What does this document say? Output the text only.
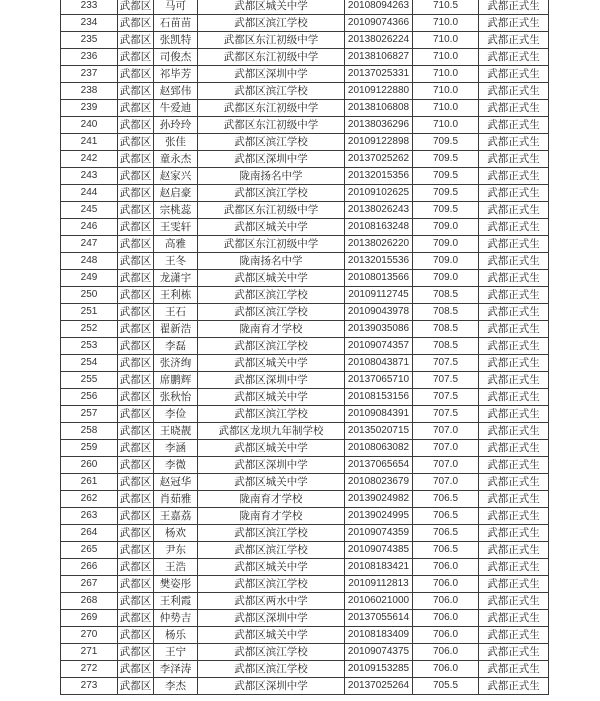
233	武都区	马可	武都区城关中学	20108094263	710.5	武都正式生
234	武都区	石苗苗	武都区滨江学校	20109074366	710.0	武都正式生
235	武都区	张凯特	武都区东江初级中学	20138026224	710.0	武都正式生
236	武都区	司俊杰	武都区东江初级中学	20138106827	710.0	武都正式生
237	武都区	祁毕芳	武都区深圳中学	20137025331	710.0	武都正式生
238	武都区	赵郅伟	武都区滨江学校	20109122880	710.0	武都正式生
239	武都区	牛爱迪	武都区东江初级中学	20138106808	710.0	武都正式生
240	武都区	孙玲玲	武都区东江初级中学	20138036296	710.0	武都正式生
241	武都区	张佳	武都区滨江学校	20109122898	709.5	武都正式生
242	武都区	童永杰	武都区深圳中学	20137025262	709.5	武都正式生
243	武都区	赵家兴	陇南扬名中学	20132015356	709.5	武都正式生
244	武都区	赵启豪	武都区滨江学校	20109102625	709.5	武都正式生
245	武都区	宗桃蕊	武都区东江初级中学	20138026243	709.5	武都正式生
246	武都区	王雯轩	武都区城关中学	20108163248	709.0	武都正式生
247	武都区	高雅	武都区东江初级中学	20138026220	709.0	武都正式生
248	武都区	王冬	陇南扬名中学	20132015536	709.0	武都正式生
249	武都区	龙潇宇	武都区城关中学	20108013566	709.0	武都正式生
250	武都区	王利栋	武都区滨江学校	20109112745	708.5	武都正式生
251	武都区	王石	武都区滨江学校	20109043978	708.5	武都正式生
252	武都区	翟新浩	陇南育才学校	20139035086	708.5	武都正式生
253	武都区	李磊	武都区滨江学校	20109074357	708.5	武都正式生
254	武都区	张济绚	武都区城关中学	20108043871	707.5	武都正式生
255	武都区	席鹏辉	武都区深圳中学	20137065710	707.5	武都正式生
256	武都区	张秋怡	武都区城关中学	20108153156	707.5	武都正式生
257	武都区	李俭	武都区滨江学校	20109084391	707.5	武都正式生
258	武都区	王晓靓	武都区龙坝九年制学校	20135020715	707.0	武都正式生
259	武都区	李涵	武都区城关中学	20108063082	707.0	武都正式生
260	武都区	李微	武都区深圳中学	20137065654	707.0	武都正式生
261	武都区	赵冠华	武都区城关中学	20108023679	707.0	武都正式生
262	武都区	肖茹雅	陇南育才学校	20139024982	706.5	武都正式生
263	武都区	王嘉荔	陇南育才学校	20139024995	706.5	武都正式生
264	武都区	杨欢	武都区滨江学校	20109074359	706.5	武都正式生
265	武都区	尹东	武都区滨江学校	20109074385	706.5	武都正式生
266	武都区	王浩	武都区城关中学	20108183421	706.0	武都正式生
267	武都区	樊姿彤	武都区滨江学校	20109112813	706.0	武都正式生
268	武都区	王利霞	武都区两水中学	20106021000	706.0	武都正式生
269	武都区	仲势吉	武都区深圳中学	20137055614	706.0	武都正式生
270	武都区	杨乐	武都区城关中学	20108183409	706.0	武都正式生
271	武都区	王宁	武都区滨江学校	20109074375	706.0	武都正式生
272	武都区	李泽涛	武都区滨江学校	20109153285	706.0	武都正式生
273	武都区	李杰	武都区深圳中学	20137025264	705.5	武都正式生
